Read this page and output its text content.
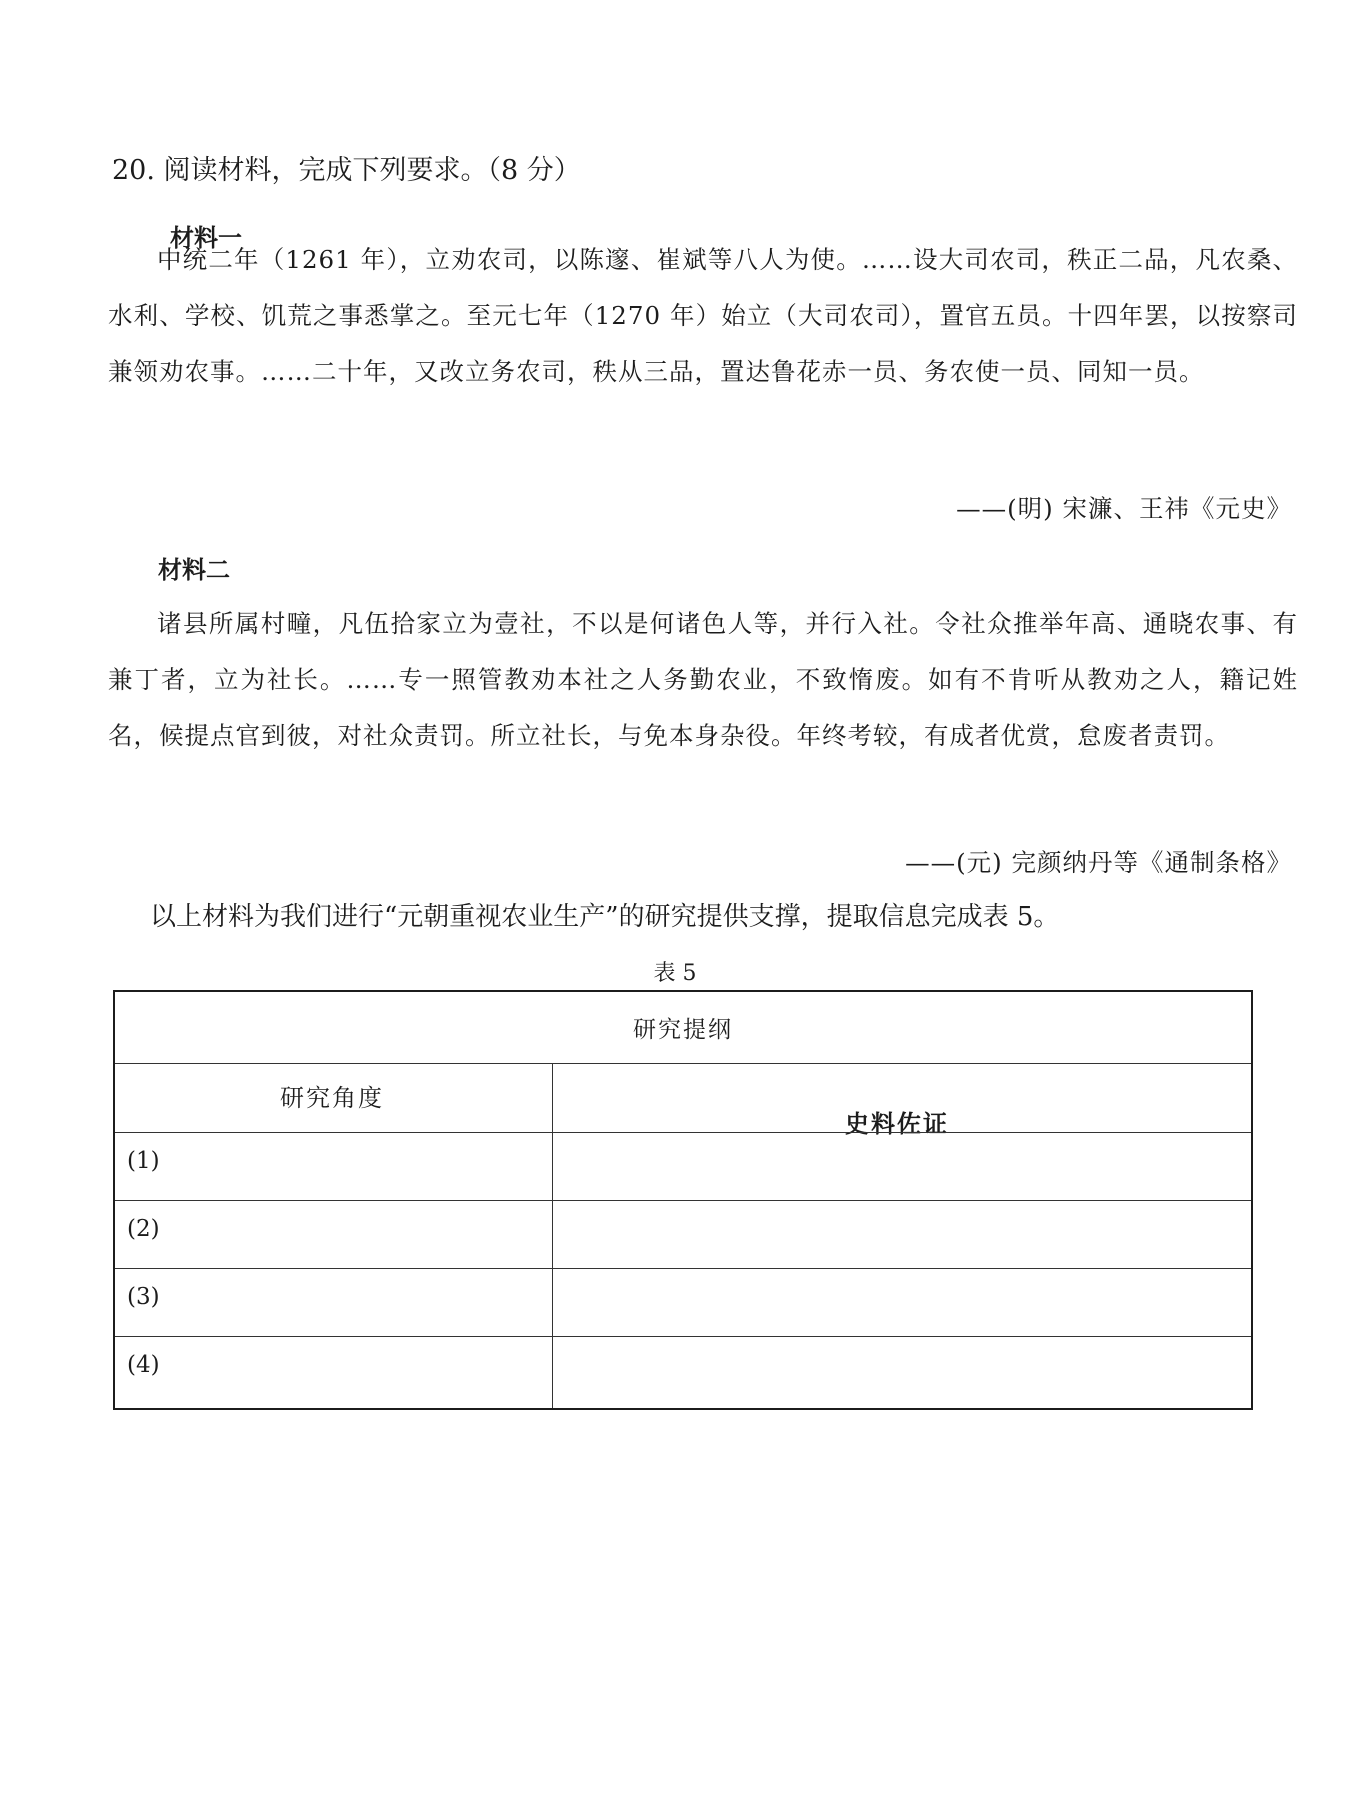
20. 阅读材料，完成下列要求。（8 分）
材料一
中统二年（1261 年），立劝农司，以陈邃、崔斌等八人为使。……设大司农司，秩正二品，凡农桑、水利、学校、饥荒之事悉掌之。至元七年（1270 年）始立（大司农司），置官五员。十四年罢，以按察司兼领劝农事。……二十年，又改立务农司，秩从三品，置达鲁花赤一员、务农使一员、同知一员。
——(明) 宋濂、王祎《元史》
材料二
诸县所属村疃，凡伍拾家立为壹社，不以是何诸色人等，并行入社。令社众推举年高、通晓农事、有兼丁者，立为社长。……专一照管教劝本社之人务勤农业，不致惰废。如有不肯听从教劝之人，籍记姓名，候提点官到彼，对社众责罚。所立社长，与免本身杂役。年终考较，有成者优赏，怠废者责罚。
——(元) 完颜纳丹等《通制条格》
以上材料为我们进行“元朝重视农业生产”的研究提供支撑，提取信息完成表 5。
表 5
研究提纲
研究角度
史料佐证
(1)
(2)
(3)
(4)
